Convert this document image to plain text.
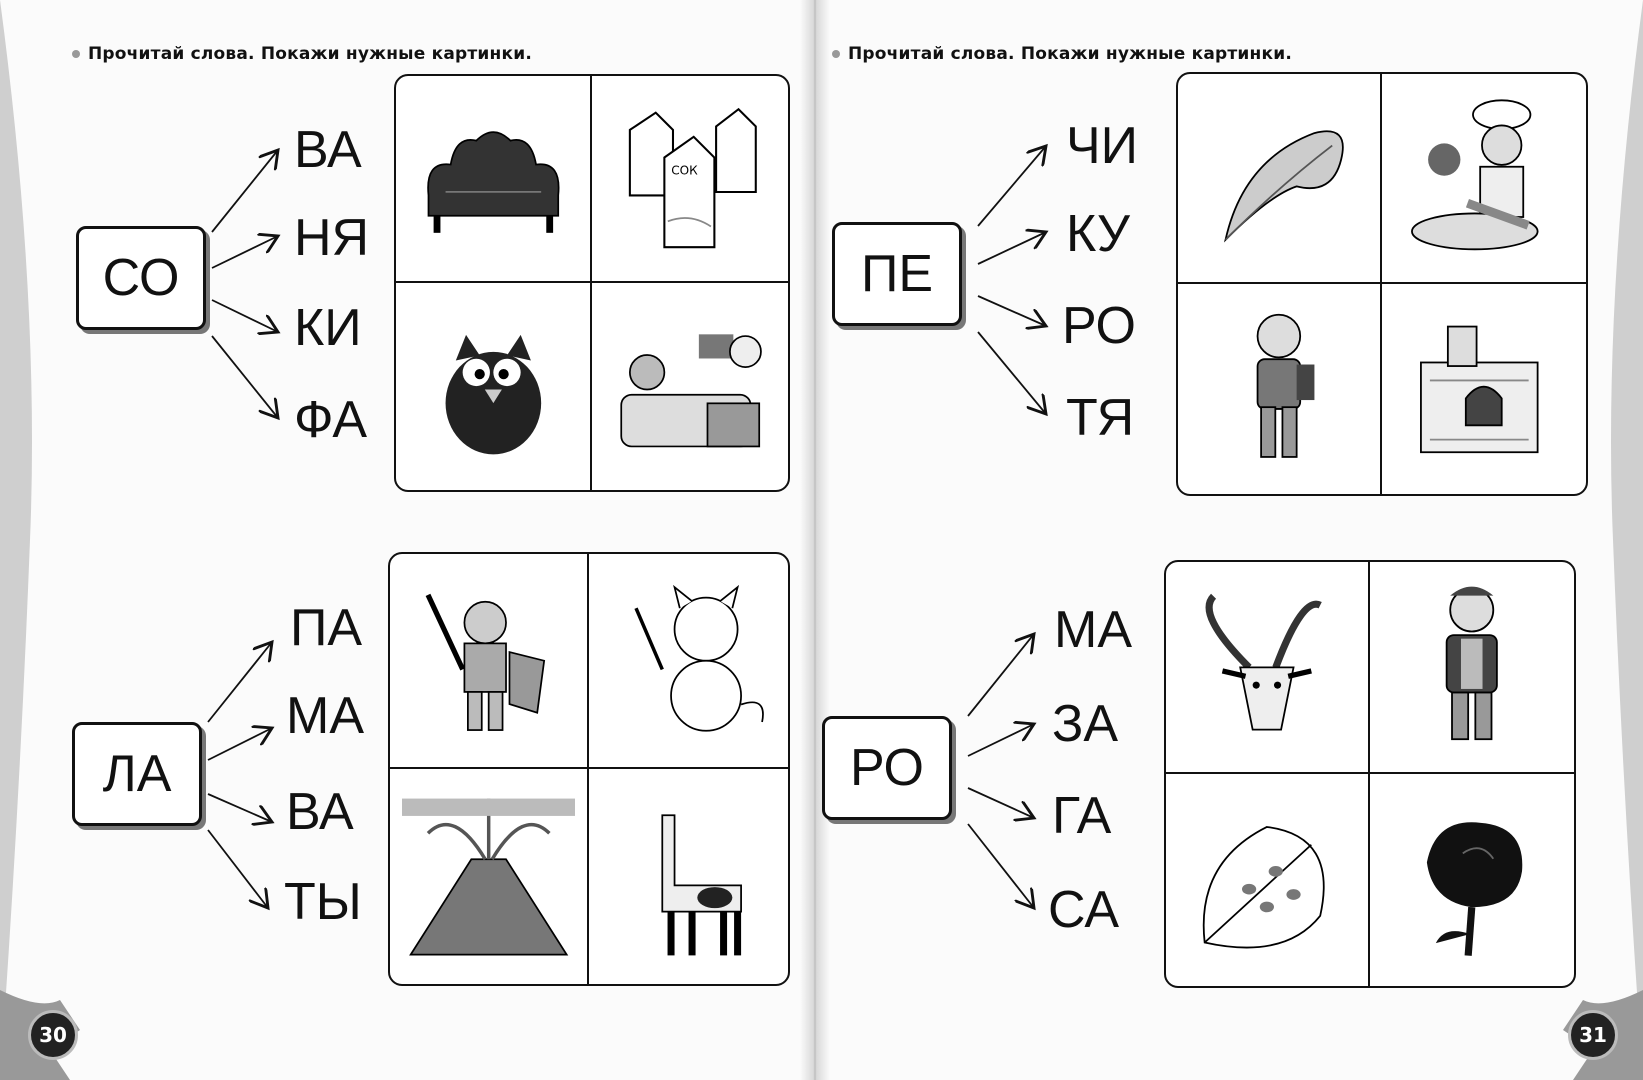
Прочитай слова. Покажи нужные картинки.	Прочитай слова. Покажи нужные картинки.
СО
ВА
НЯ
КИ
ФА
СОК
ПЕ
ЧИ
КУ
РО
ТЯ
ЛА
ПА
МА
ВА
ТЫ
РО
МА
ЗА
ГА
СА
30	31
